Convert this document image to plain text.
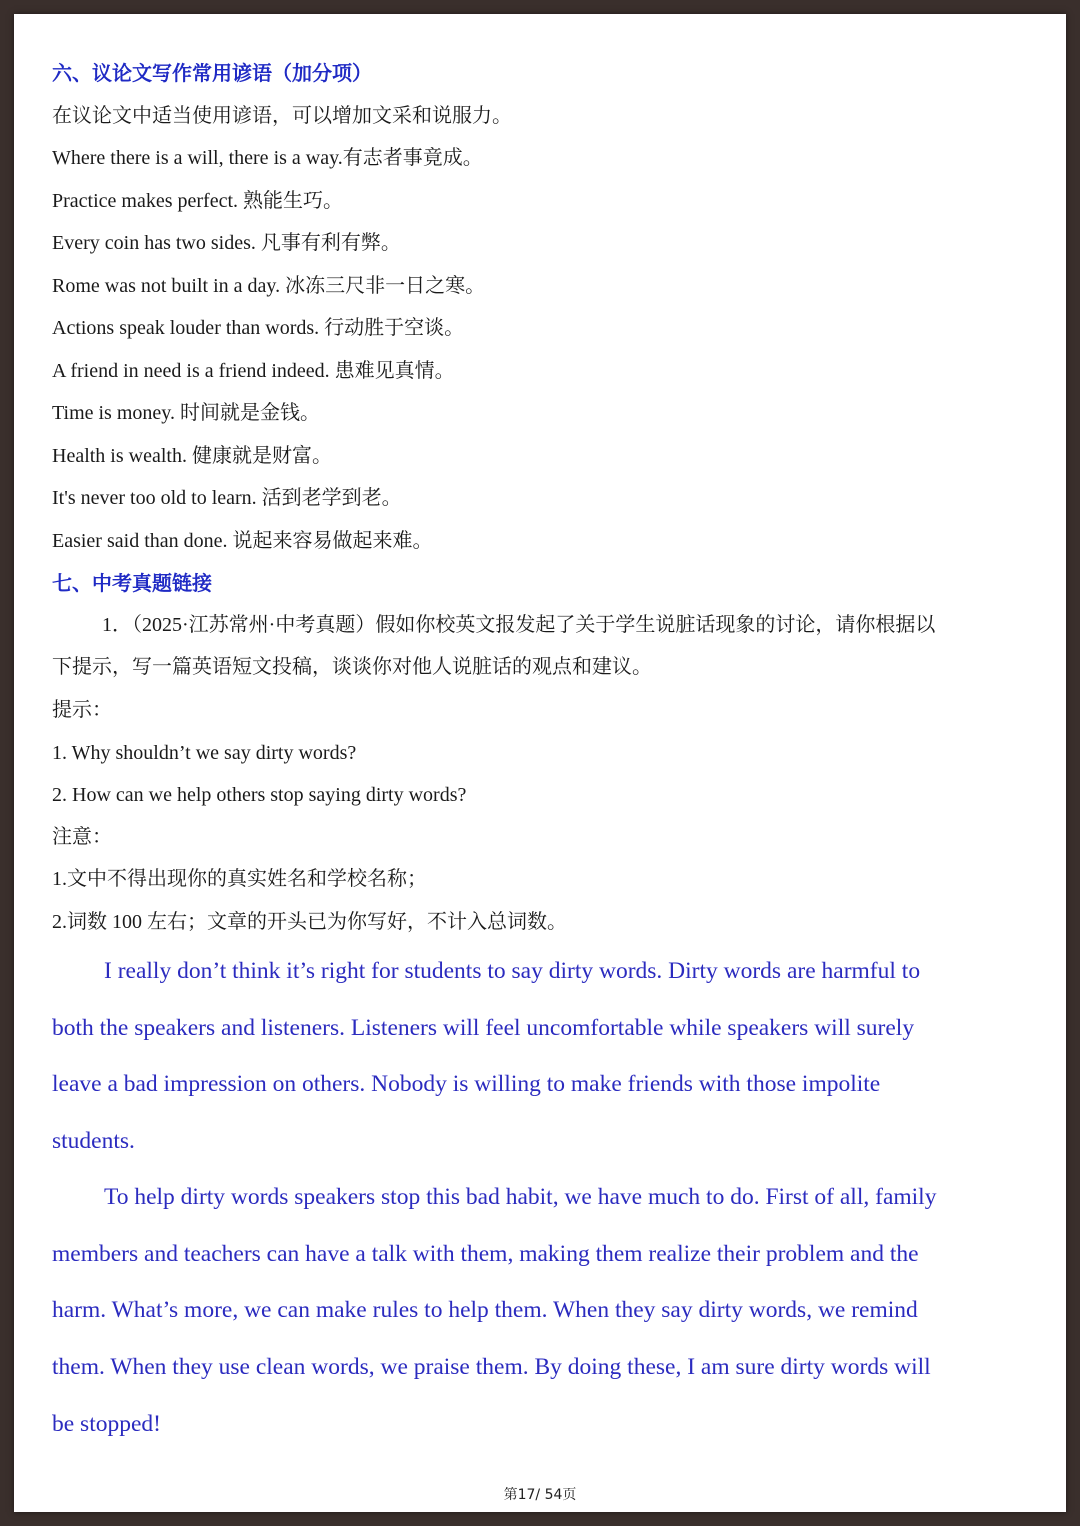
六、议论文写作常用谚语（加分项）
在议论文中适当使用谚语，可以增加文采和说服力。
Where there is a will, there is a way.有志者事竟成。
Practice makes perfect. 熟能生巧。
Every coin has two sides. 凡事有利有弊。
Rome was not built in a day. 冰冻三尺非一日之寒。
Actions speak louder than words. 行动胜于空谈。
A friend in need is a friend indeed. 患难见真情。
Time is money. 时间就是金钱。
Health is wealth. 健康就是财富。
It's never too old to learn. 活到老学到老。
Easier said than done. 说起来容易做起来难。
七、中考真题链接
1．（2025·江苏常州·中考真题）假如你校英文报发起了关于学生说脏话现象的讨论，请你根据以
下提示，写一篇英语短文投稿，谈谈你对他人说脏话的观点和建议。
提示：
1. Why shouldn’t we say dirty words?
2. How can we help others stop saying dirty words?
注意：
1.文中不得出现你的真实姓名和学校名称；
2.词数 100 左右；文章的开头已为你写好，不计入总词数。
I really don’t think it’s right for students to say dirty words. Dirty words are harmful to
both the speakers and listeners. Listeners will feel uncomfortable while speakers will surely
leave a bad impression on others. Nobody is willing to make friends with those impolite
students.
To help dirty words speakers stop this bad habit, we have much to do. First of all, family
members and teachers can have a talk with them, making them realize their problem and the
harm. What’s more, we can make rules to help them. When they say dirty words, we remind
them. When they use clean words, we praise them. By doing these, I am sure dirty words will
be stopped!
第17/ 54页
